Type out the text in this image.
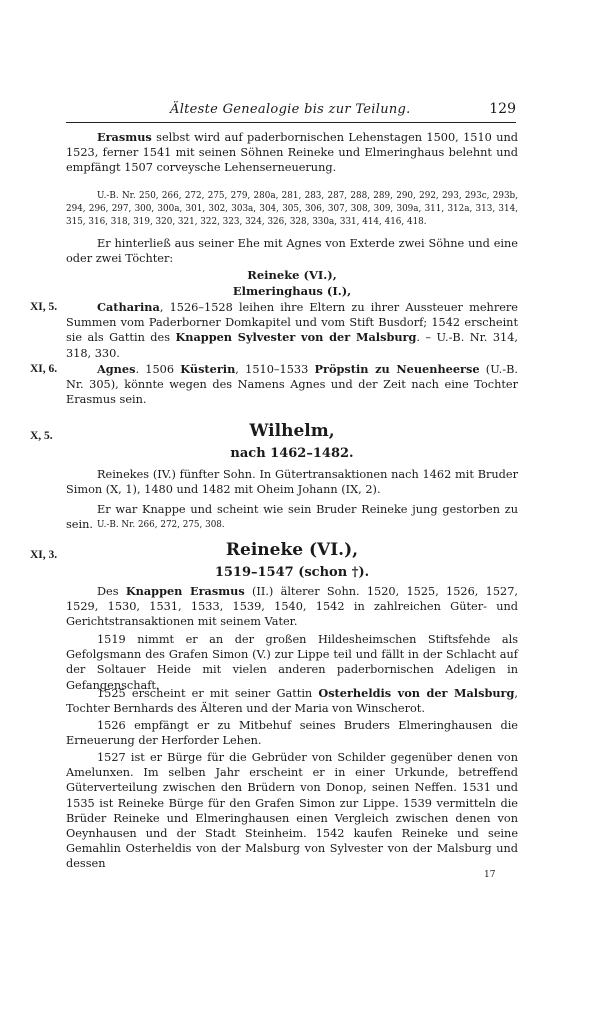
Älteste Genealogie bis zur Teilung.	129
Erasmus selbst wird auf paderbornischen Lehenstagen 1500, 1510 und 1523, ferner 1541 mit seinen Söhnen Reineke und Elmeringhaus belehnt und empfängt 1507 corveysche Lehenserneuerung.
U.-B. Nr. 250, 266, 272, 275, 279, 280a, 281, 283, 287, 288, 289, 290, 292, 293, 293c, 293b, 294, 296, 297, 300, 300a, 301, 302, 303a, 304, 305, 306, 307, 308, 309, 309a, 311, 312a, 313, 314, 315, 316, 318, 319, 320, 321, 322, 323, 324, 326, 328, 330a, 331, 414, 416, 418.
Er hinterließ aus seiner Ehe mit Agnes von Exterde zwei Söhne und eine oder zwei Töchter:
Reineke (VI.),
Elmeringhaus (I.),
XI, 5.	Catharina, 1526–1528 leihen ihre Eltern zu ihrer Aussteuer mehrere Summen vom Paderborner Domkapitel und vom Stift Busdorf; 1542 erscheint sie als Gattin des Knappen Sylvester von der Malsburg. – U.-B. Nr. 314, 318, 330.
XI, 6.	Agnes. 1506 Küsterin, 1510–1533 Pröpstin zu Neuenheerse (U.-B. Nr. 305), könnte wegen des Namens Agnes und der Zeit nach eine Tochter Erasmus sein.
X, 5.	Wilhelm,
nach 1462–1482.
Reinekes (IV.) fünfter Sohn. In Gütertransaktionen nach 1462 mit Bruder Simon (X, 1), 1480 und 1482 mit Oheim Johann (IX, 2).
Er war Knappe und scheint wie sein Bruder Reineke jung gestorben zu sein. U.-B. Nr. 266, 272, 275, 308.
XI, 3.	Reineke (VI.),
1519–1547 (schon †).
Des Knappen Erasmus (II.) älterer Sohn. 1520, 1525, 1526, 1527, 1529, 1530, 1531, 1533, 1539, 1540, 1542 in zahlreichen Güter- und Gerichtstransaktionen mit seinem Vater.
1519 nimmt er an der großen Hildesheimschen Stiftsfehde als Gefolgsmann des Grafen Simon (V.) zur Lippe teil und fällt in der Schlacht auf der Soltauer Heide mit vielen anderen paderbornischen Adeligen in Gefangenschaft.
1525 erscheint er mit seiner Gattin Osterheldis von der Malsburg, Tochter Bernhards des Älteren und der Maria von Winscherot.
1526 empfängt er zu Mitbehuf seines Bruders Elmeringhausen die Erneuerung der Herforder Lehen.
1527 ist er Bürge für die Gebrüder von Schilder gegenüber denen von Amelunxen. Im selben Jahr erscheint er in einer Urkunde, betreffend Güterverteilung zwischen den Brüdern von Donop, seinen Neffen. 1531 und 1535 ist Reineke Bürge für den Grafen Simon zur Lippe. 1539 vermitteln die Brüder Reineke und Elmeringhausen einen Vergleich zwischen denen von Oeynhausen und der Stadt Steinheim. 1542 kaufen Reineke und seine Gemahlin Osterheldis von der Malsburg von Sylvester von der Malsburg und dessen
17
